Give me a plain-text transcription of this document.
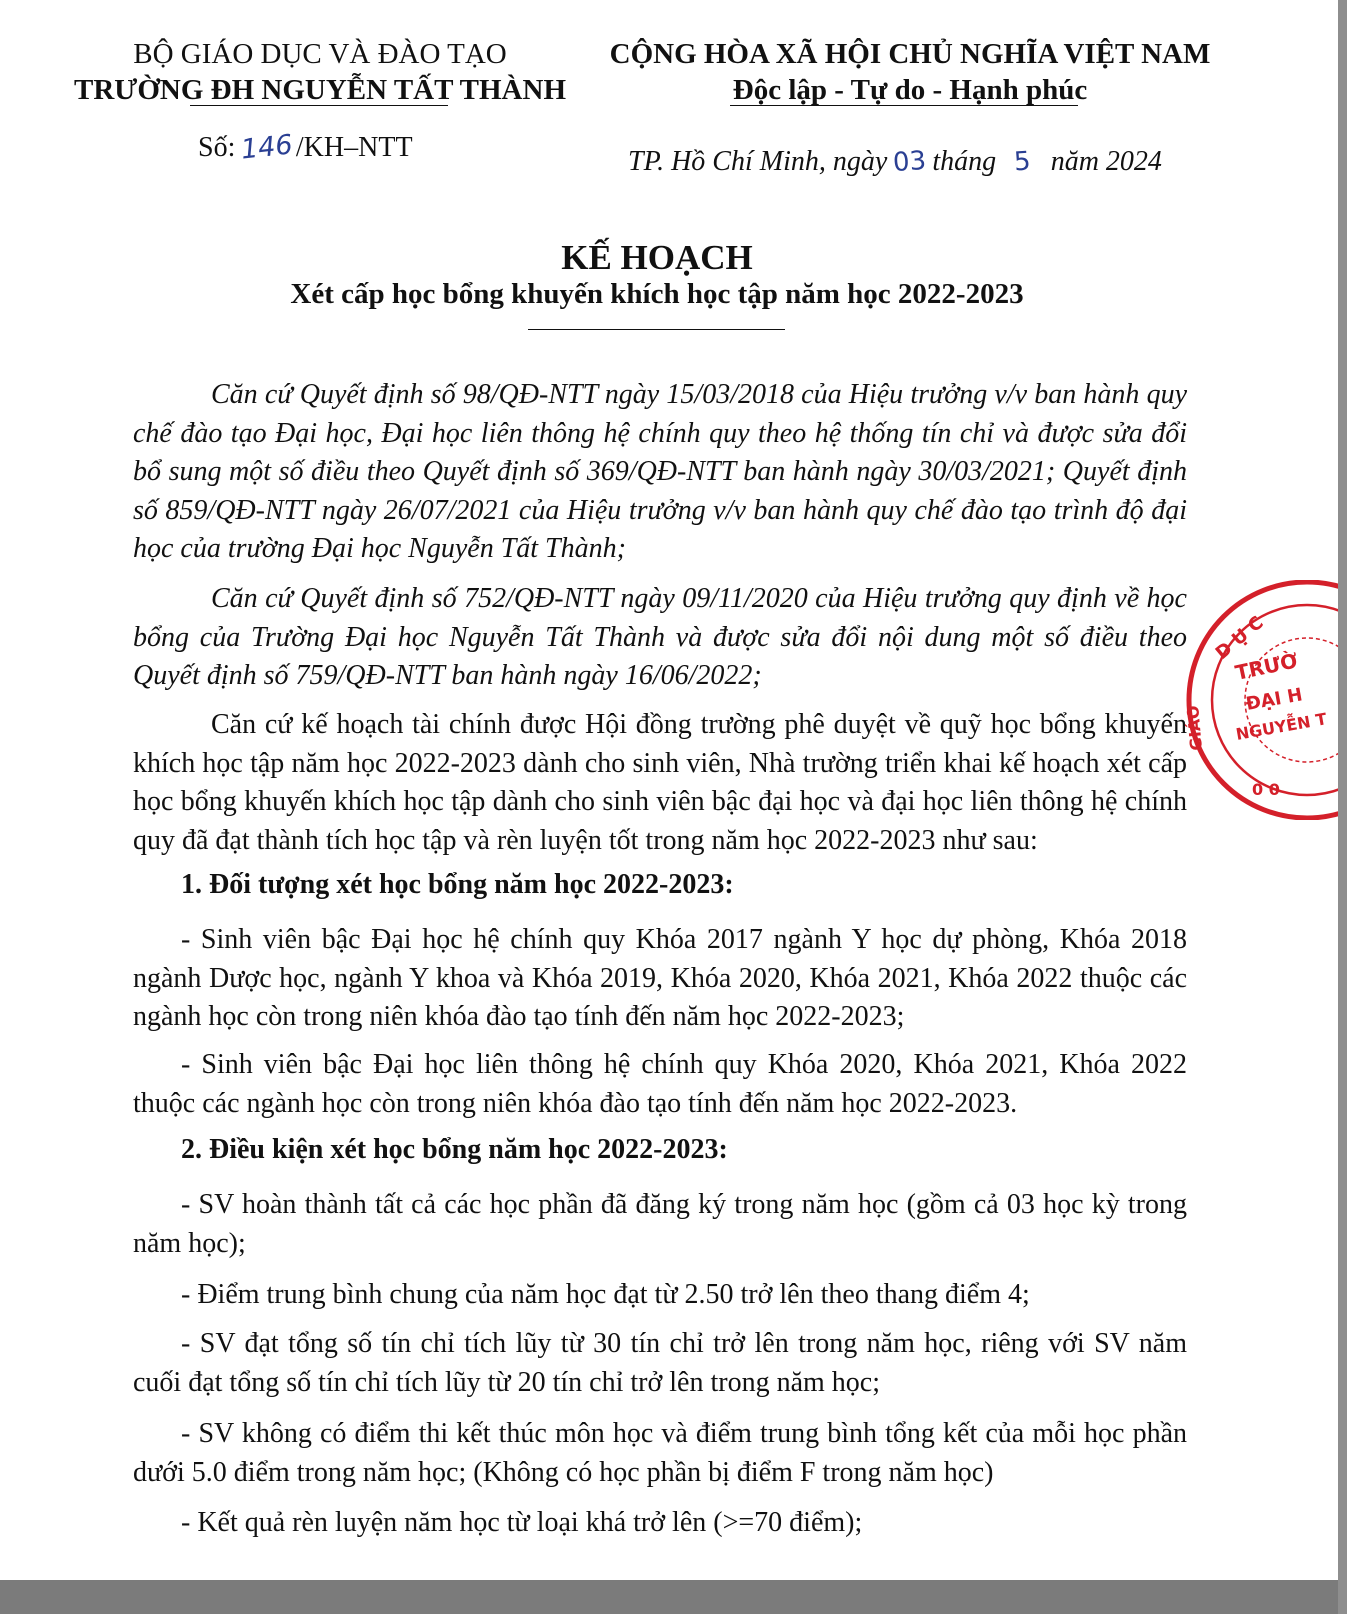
BỘ GIÁO DỤC VÀ ĐÀO TẠO
TRƯỜNG ĐH NGUYỄN TẤT THÀNH
CỘNG HÒA XÃ HỘI CHỦ NGHĨA VIỆT NAM
Độc lập - Tự do - Hạnh phúc
Số: 146 /KH–NTT	TP. Hồ Chí Minh, ngày 03 tháng 5 năm 2024
KẾ HOẠCH
Xét cấp học bổng khuyến khích học tập năm học 2022-2023
Căn cứ Quyết định số 98/QĐ-NTT ngày 15/03/2018 của Hiệu trưởng v/v ban hành quy chế đào tạo Đại học, Đại học liên thông hệ chính quy theo hệ thống tín chỉ và được sửa đổi bổ sung một số điều theo Quyết định số 369/QĐ-NTT ban hành ngày 30/03/2021; Quyết định số 859/QĐ-NTT ngày 26/07/2021 của Hiệu trưởng v/v ban hành quy chế đào tạo trình độ đại học của trường Đại học Nguyễn Tất Thành;
Căn cứ Quyết định số 752/QĐ-NTT ngày 09/11/2020 của Hiệu trưởng quy định về học bổng của Trường Đại học Nguyễn Tất Thành và được sửa đổi nội dung một số điều theo Quyết định số 759/QĐ-NTT ban hành ngày 16/06/2022;
Căn cứ kế hoạch tài chính được Hội đồng trường phê duyệt về quỹ học bổng khuyến khích học tập năm học 2022-2023 dành cho sinh viên, Nhà trường triển khai kế hoạch xét cấp học bổng khuyến khích học tập dành cho sinh viên bậc đại học và đại học liên thông hệ chính quy đã đạt thành tích học tập và rèn luyện tốt trong năm học 2022-2023 như sau:
1. Đối tượng xét học bổng năm học 2022-2023:
- Sinh viên bậc Đại học hệ chính quy Khóa 2017 ngành Y học dự phòng, Khóa 2018 ngành Dược học, ngành Y khoa và Khóa 2019, Khóa 2020, Khóa 2021, Khóa 2022 thuộc các ngành học còn trong niên khóa đào tạo tính đến năm học 2022-2023;
- Sinh viên bậc Đại học liên thông hệ chính quy Khóa 2020, Khóa 2021, Khóa 2022 thuộc các ngành học còn trong niên khóa đào tạo tính đến năm học 2022-2023.
2. Điều kiện xét học bổng năm học 2022-2023:
- SV hoàn thành tất cả các học phần đã đăng ký trong năm học (gồm cả 03 học kỳ trong năm học);
- Điểm trung bình chung của năm học đạt từ 2.50 trở lên theo thang điểm 4;
- SV đạt tổng số tín chỉ tích lũy từ 30 tín chỉ trở lên trong năm học, riêng với SV năm cuối đạt tổng số tín chỉ tích lũy từ 20 tín chỉ trở lên trong năm học;
- SV không có điểm thi kết thúc môn học và điểm trung bình tổng kết của mỗi học phần dưới 5.0 điểm trong năm học; (Không có học phần bị điểm F trong năm học)
- Kết quả rèn luyện năm học từ loại khá trở lên (>=70 điểm);
D Ụ C
GIÁO
TRƯỜ
ĐẠI H
NGUYỄN T
0 0
